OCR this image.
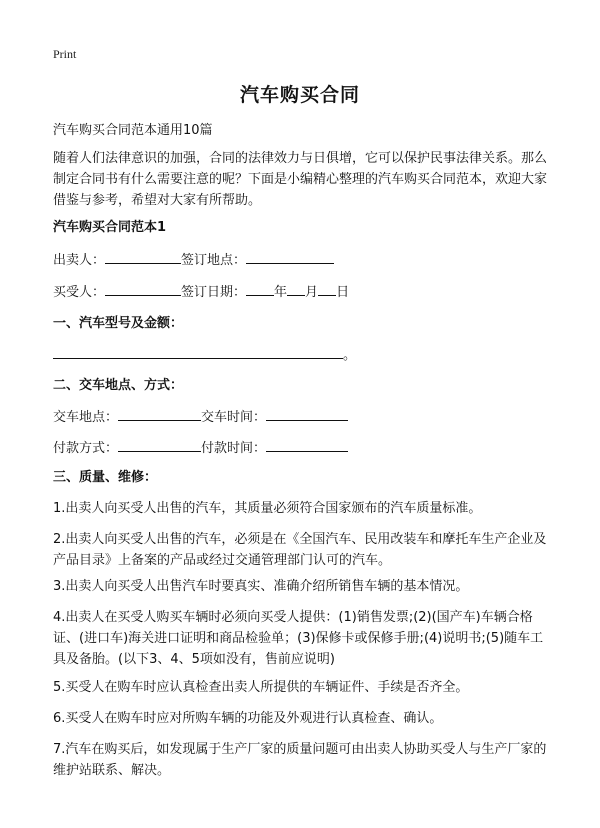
Print
汽车购买合同
汽车购买合同范本通用10篇
随着人们法律意识的加强，合同的法律效力与日俱增，它可以保护民事法律关系。那么制定合同书有什么需要注意的呢？下面是小编精心整理的汽车购买合同范本，欢迎大家借鉴与参考，希望对大家有所帮助。
汽车购买合同范本1
出卖人：	签订地点：
买受人：	签订日期： 年 月 日
一、汽车型号及金额：
。
二、交车地点、方式：
交车地点：	交车时间：
付款方式：	付款时间：
三、质量、维修：
1.出卖人向买受人出售的汽车，其质量必须符合国家颁布的汽车质量标准。
2.出卖人向买受人出售的汽车，必须是在《全国汽车、民用改装车和摩托车生产企业及产品目录》上备案的产品或经过交通管理部门认可的汽车。
3.出卖人向买受人出售汽车时要真实、准确介绍所销售车辆的基本情况。
4.出卖人在买受人购买车辆时必须向买受人提供：(1)销售发票;(2)(国产车)车辆合格证、(进口车)海关进口证明和商品检验单；(3)保修卡或保修手册;(4)说明书;(5)随车工具及备胎。(以下3、4、5项如没有，售前应说明)
5.买受人在购车时应认真检查出卖人所提供的车辆证件、手续是否齐全。
6.买受人在购车时应对所购车辆的功能及外观进行认真检查、确认。
7.汽车在购买后，如发现属于生产厂家的质量问题可由出卖人协助买受人与生产厂家的维护站联系、解决。
